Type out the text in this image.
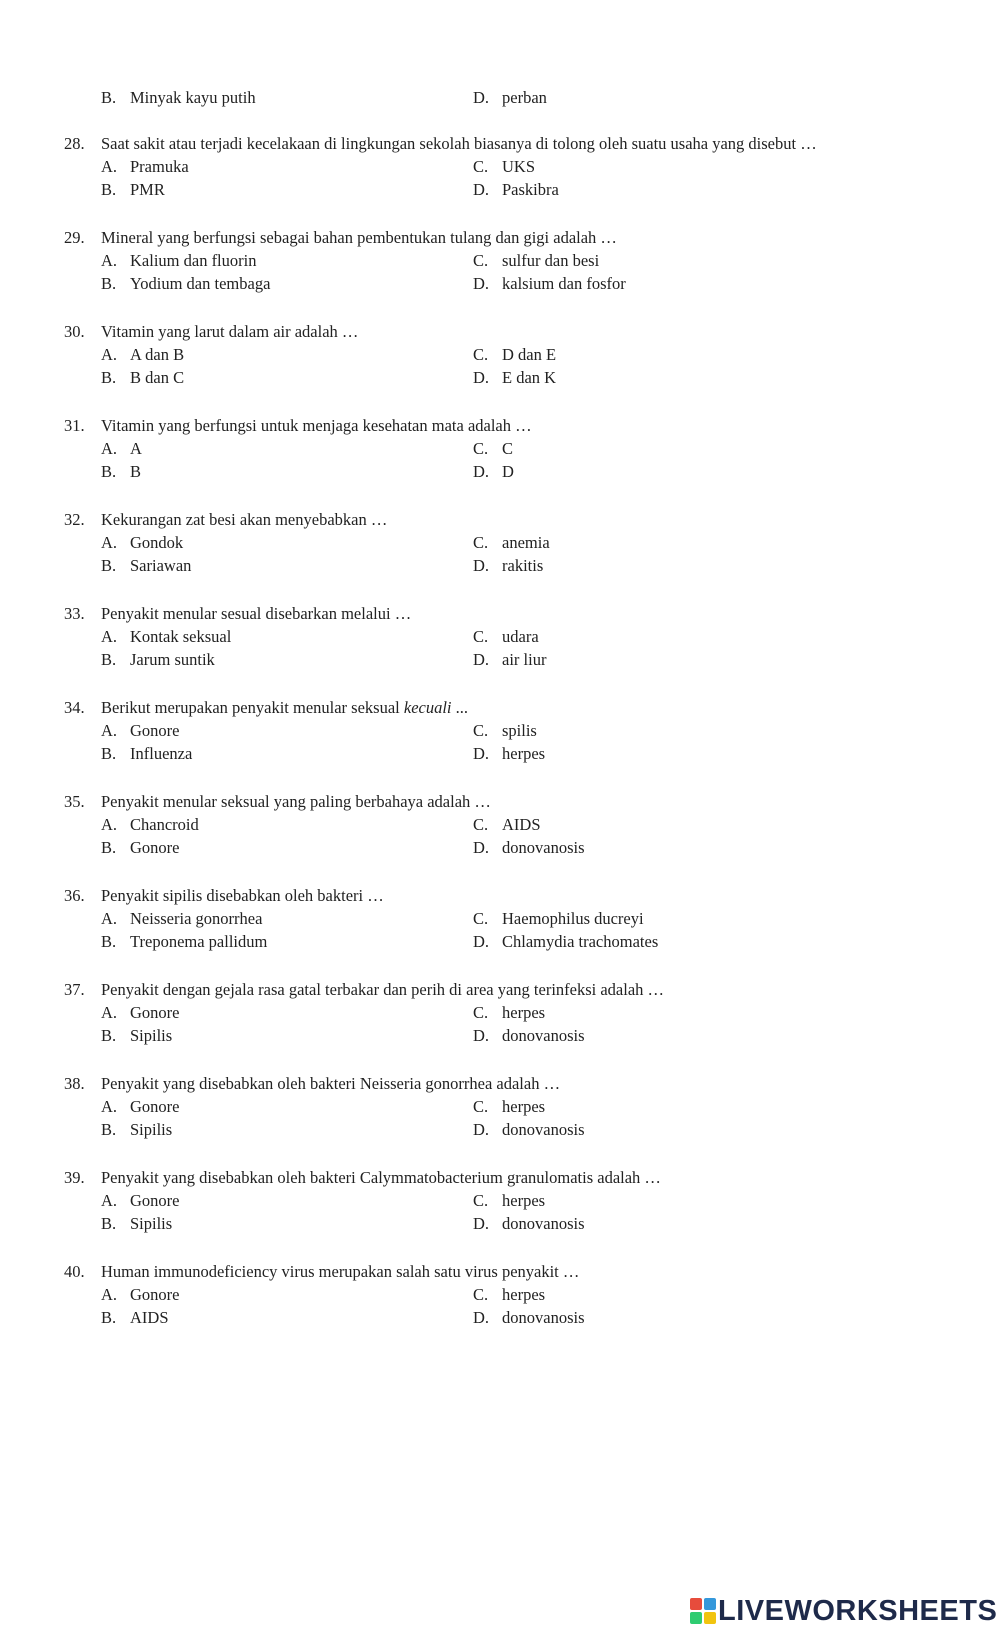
B. Minyak kayu putih	D. perban
28. Saat sakit atau terjadi kecelakaan di lingkungan sekolah biasanya di tolong oleh suatu usaha yang disebut …
A. Pramuka	C. UKS
B. PMR	D. Paskibra
29. Mineral yang berfungsi sebagai bahan pembentukan tulang dan gigi adalah …
A. Kalium dan fluorin	C. sulfur dan besi
B. Yodium dan tembaga	D. kalsium dan fosfor
30. Vitamin yang larut dalam air adalah …
A. A dan B	C. D dan E
B. B dan C	D. E dan K
31. Vitamin yang berfungsi untuk menjaga kesehatan mata adalah …
A. A	C. C
B. B	D. D
32. Kekurangan zat besi akan menyebabkan …
A. Gondok	C. anemia
B. Sariawan	D. rakitis
33. Penyakit menular sesual disebarkan melalui …
A. Kontak seksual	C. udara
B. Jarum suntik	D. air liur
34. Berikut merupakan penyakit menular seksual kecuali ...
A. Gonore	C. spilis
B. Influenza	D. herpes
35. Penyakit menular seksual yang paling berbahaya adalah …
A. Chancroid	C. AIDS
B. Gonore	D. donovanosis
36. Penyakit sipilis disebabkan oleh bakteri …
A. Neisseria gonorrhea	C. Haemophilus ducreyi
B. Treponema pallidum	D. Chlamydia trachomates
37. Penyakit dengan gejala rasa gatal terbakar dan perih di area yang terinfeksi adalah …
A. Gonore	C. herpes
B. Sipilis	D. donovanosis
38. Penyakit yang disebabkan oleh bakteri Neisseria gonorrhea adalah …
A. Gonore	C. herpes
B. Sipilis	D. donovanosis
39. Penyakit yang disebabkan oleh bakteri Calymmatobacterium granulomatis adalah …
A. Gonore	C. herpes
B. Sipilis	D. donovanosis
40. Human immunodeficiency virus merupakan salah satu virus penyakit …
A. Gonore	C. herpes
B. AIDS	D. donovanosis
LIVEWORKSHEETS
